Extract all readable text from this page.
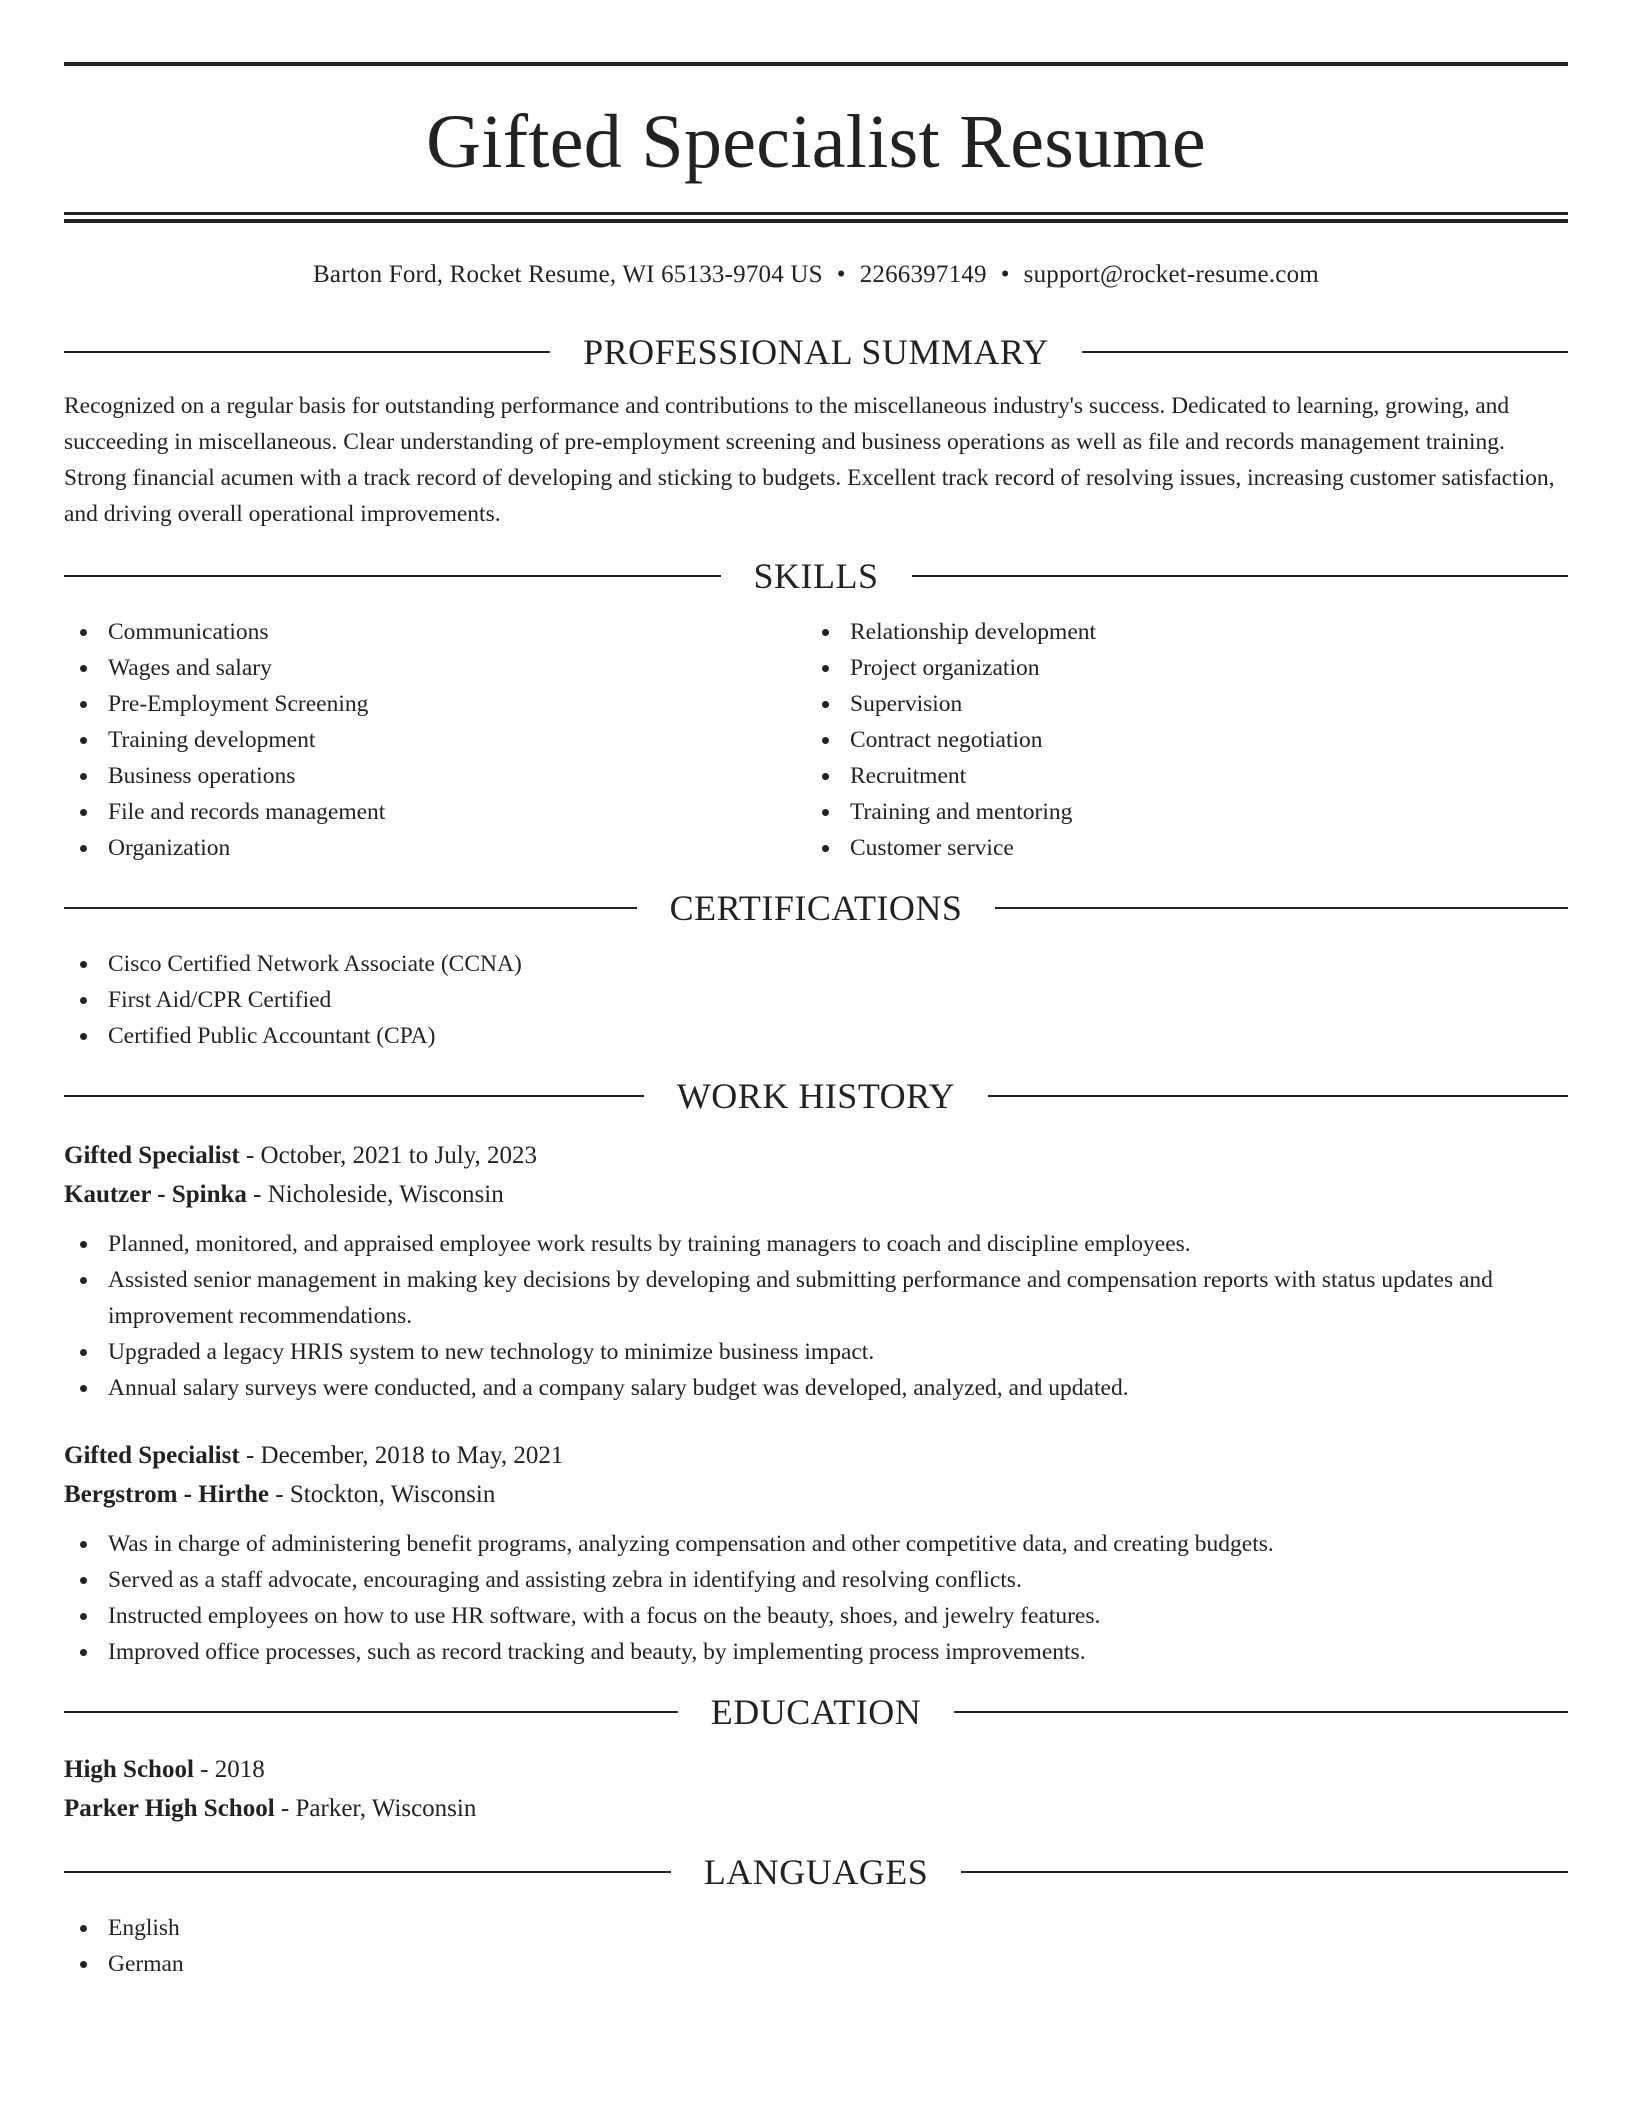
Gifted Specialist Resume
Barton Ford, Rocket Resume, WI 65133-9704 US • 2266397149 • support@rocket-resume.com
PROFESSIONAL SUMMARY

Recognized on a regular basis for outstanding performance and contributions to the miscellaneous industry's success. Dedicated to learning, growing, and succeeding in miscellaneous. Clear understanding of pre-employment screening and business operations as well as file and records management training. Strong financial acumen with a track record of developing and sticking to budgets. Excellent track record of resolving issues, increasing customer satisfaction, and driving overall operational improvements.

SKILLS
Communications
Wages and salary
Pre-Employment Screening
Training development
Business operations
File and records management
Organization
Relationship development
Project organization
Supervision
Contract negotiation
Recruitment
Training and mentoring
Customer service
CERTIFICATIONS
Cisco Certified Network Associate (CCNA)
First Aid/CPR Certified
Certified Public Accountant (CPA)
WORK HISTORY
Gifted Specialist - October, 2021 to July, 2023
Kautzer - Spinka - Nicholeside, Wisconsin
Planned, monitored, and appraised employee work results by training managers to coach and discipline employees.
Assisted senior management in making key decisions by developing and submitting performance and compensation reports with status updates and improvement recommendations.
Upgraded a legacy HRIS system to new technology to minimize business impact.
Annual salary surveys were conducted, and a company salary budget was developed, analyzed, and updated.
Gifted Specialist - December, 2018 to May, 2021
Bergstrom - Hirthe - Stockton, Wisconsin
Was in charge of administering benefit programs, analyzing compensation and other competitive data, and creating budgets.
Served as a staff advocate, encouraging and assisting zebra in identifying and resolving conflicts.
Instructed employees on how to use HR software, with a focus on the beauty, shoes, and jewelry features.
Improved office processes, such as record tracking and beauty, by implementing process improvements.
EDUCATION
High School - 2018
Parker High School - Parker, Wisconsin
LANGUAGES
English
German
